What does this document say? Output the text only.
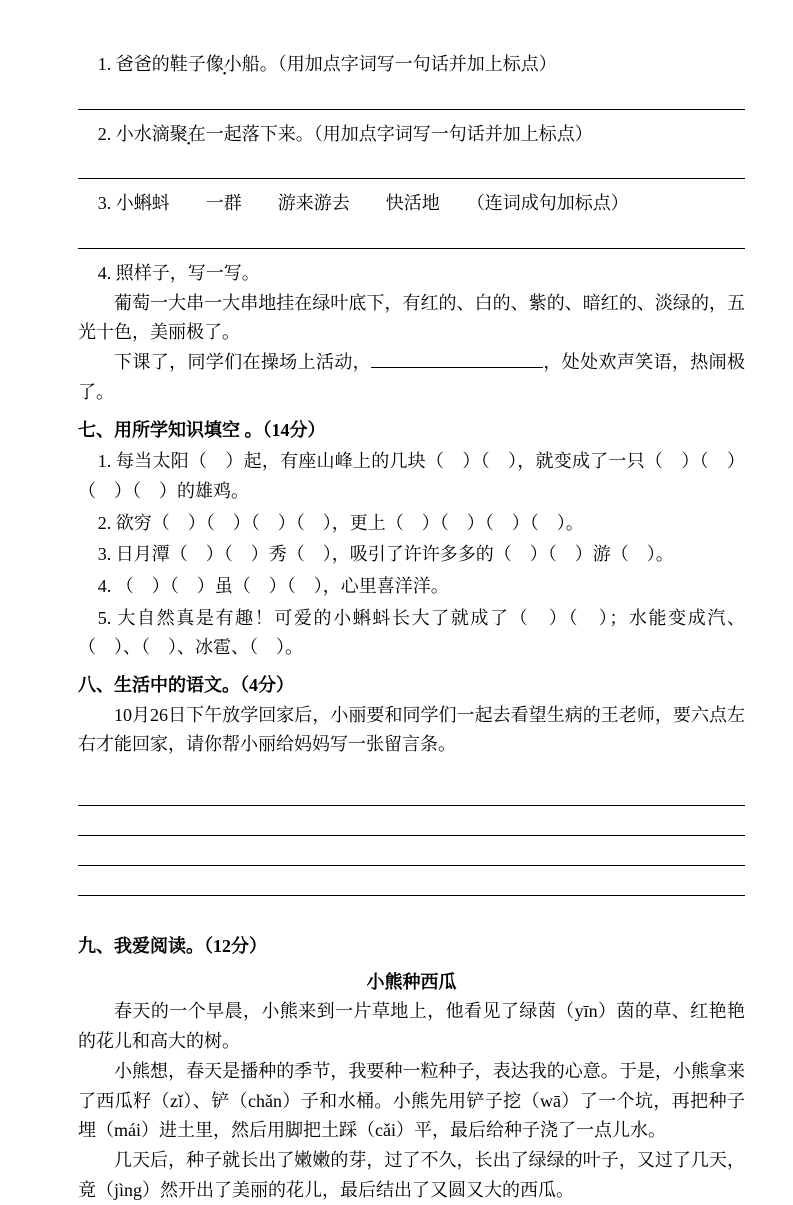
1. 爸爸的鞋子像小船。（用加点字词写一句话并加上标点）
2. 小水滴聚在一起落下来。（用加点字词写一句话并加上标点）
3. 小蝌蚪　　一群　　游来游去　　快活地　　（连词成句加标点）
4. 照样子，写一写。
葡萄一大串一大串地挂在绿叶底下，有红的、白的、紫的、暗红的、淡绿的，五光十色，美丽极了。
下课了，同学们在操场上活动，	，处处欢声笑语，热闹极了。
七、用所学知识填空 。（14分）
1. 每当太阳（　）起，有座山峰上的几块（　）（　），就变成了一只（　）（　）（　）（　）的雄鸡。
2. 欲穷（　）（　）（　）（　），更上（　）（　）（　）（　）。
3. 日月潭（　）（　）秀（　），吸引了许许多多的（　）（　）游（　）。
4. （　）（　）虽（　）（　），心里喜洋洋。
5. 大自然真是有趣！可爱的小蝌蚪长大了就成了（　）（　）；水能变成汽、（　）、（　）、冰雹、（　）。
八、生活中的语文。（4分）
10月26日下午放学回家后，小丽要和同学们一起去看望生病的王老师，要六点左右才能回家，请你帮小丽给妈妈写一张留言条。
九、我爱阅读。（12分）
小熊种西瓜
春天的一个早晨，小熊来到一片草地上，他看见了绿茵（yīn）茵的草、红艳艳的花儿和高大的树。
小熊想，春天是播种的季节，我要种一粒种子，表达我的心意。于是，小熊拿来了西瓜籽（zǐ）、铲（chǎn）子和水桶。小熊先用铲子挖（wā）了一个坑，再把种子埋（mái）进土里，然后用脚把土踩（cǎi）平，最后给种子浇了一点儿水。
几天后，种子就长出了嫩嫩的芽，过了不久，长出了绿绿的叶子，又过了几天，竟（jìng）然开出了美丽的花儿，最后结出了又圆又大的西瓜。
